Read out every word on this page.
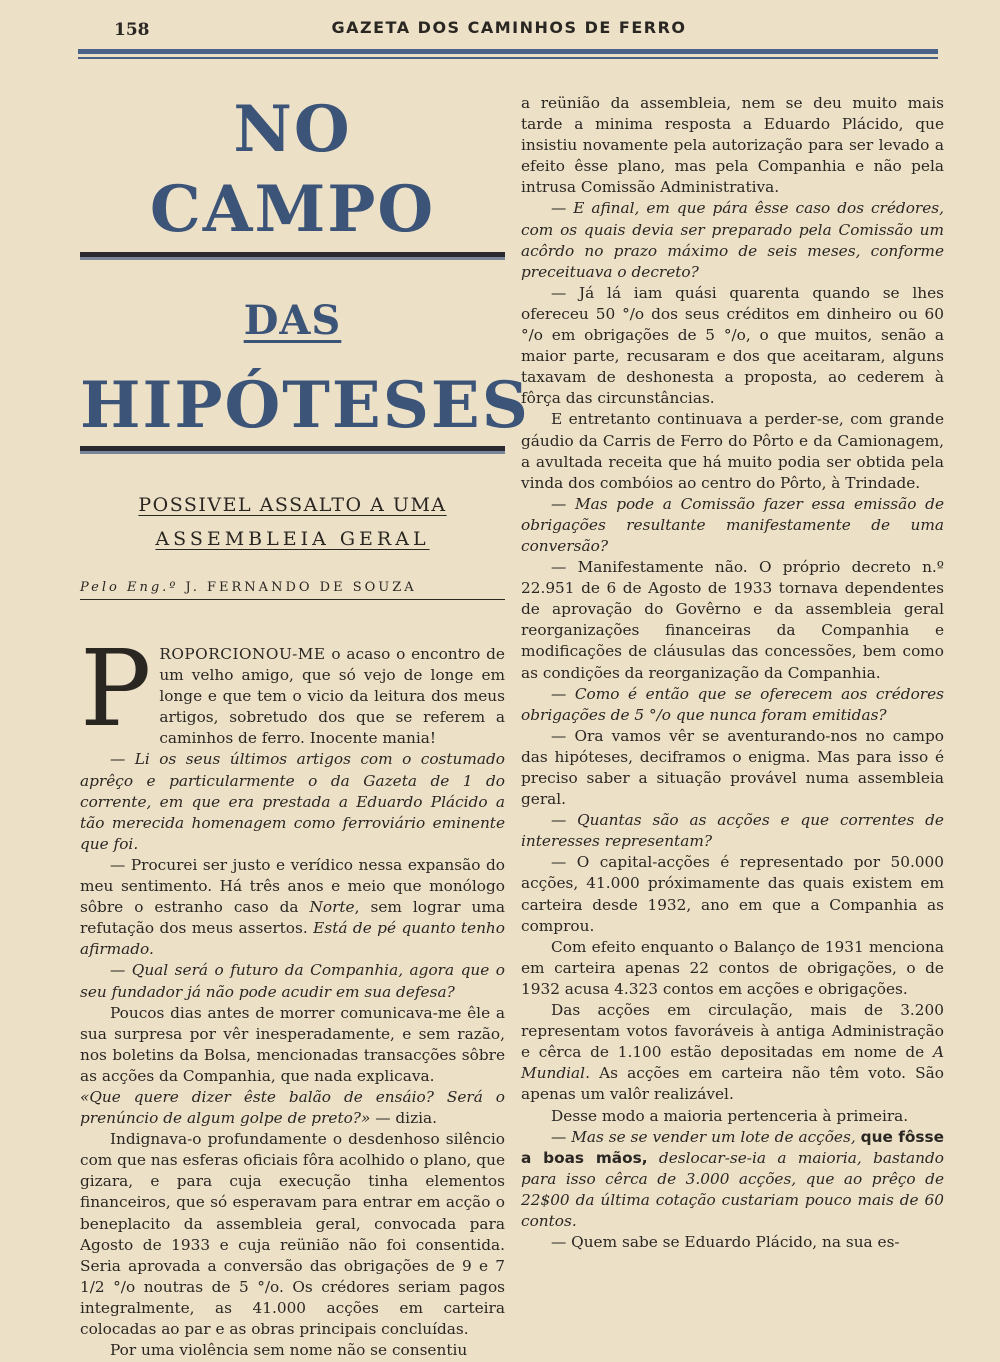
158	GAZETA DOS CAMINHOS DE FERRO
NO CAMPO
DAS
HIPÓTESES

POSSIVEL ASSALTO A UMA

ASSEMBLEIA GERAL

Pelo Eng.º J. FERNANDO DE SOUZA

PROPORCIONOU-ME o acaso o encontro de um velho amigo, que só vejo de longe em longe e que tem o vicio da leitura dos meus artigos, sobretudo dos que se referem a caminhos de ferro. Inocente mania!

— Li os seus últimos artigos com o costumado aprêço e particularmente o da Gazeta de 1 do corrente, em que era prestada a Eduardo Plácido a tão merecida homenagem como ferroviário eminente que foi.

— Procurei ser justo e verídico nessa expansão do meu sentimento. Há três anos e meio que monólogo sôbre o estranho caso da Norte, sem lograr uma refutação dos meus assertos. Está de pé quanto tenho afirmado.

— Qual será o futuro da Companhia, agora que o seu fundador já não pode acudir em sua defesa?

Poucos dias antes de morrer comunicava-me êle a sua surpresa por vêr inesperadamente, e sem razão, nos boletins da Bolsa, mencionadas transacções sôbre as acções da Companhia, que nada explicava.

«Que quere dizer êste balão de ensáio? Será o prenúncio de algum golpe de preto?» — dizia.

Indignava-o profundamente o desdenhoso silêncio com que nas esferas oficiais fôra acolhido o plano, que gizara, e para cuja execução tinha elementos financeiros, que só esperavam para entrar em acção o beneplacito da assembleia geral, convocada para Agosto de 1933 e cuja reünião não foi consentida. Seria aprovada a conversão das obrigações de 9 e 7 1/2 °/o noutras de 5 °/o. Os crédores seriam pagos integralmente, as 41.000 acções em carteira colocadas ao par e as obras principais concluídas.

Por uma violência sem nome não se consentiu

a reünião da assembleia, nem se deu muito mais tarde a minima resposta a Eduardo Plácido, que insistiu novamente pela autorização para ser levado a efeito êsse plano, mas pela Companhia e não pela intrusa Comissão Administrativa.

— E afinal, em que pára êsse caso dos crédores, com os quais devia ser preparado pela Comissão um acôrdo no prazo máximo de seis meses, conforme preceituava o decreto?

— Já lá iam quási quarenta quando se lhes ofereceu 50 °/o dos seus créditos em dinheiro ou 60 °/o em obrigações de 5 °/o, o que muitos, senão a maior parte, recusaram e dos que aceitaram, alguns taxavam de deshonesta a proposta, ao cederem à fôrça das circunstâncias.

E entretanto continuava a perder-se, com grande gáudio da Carris de Ferro do Pôrto e da Camionagem, a avultada receita que há muito podia ser obtida pela vinda dos combóios ao centro do Pôrto, à Trindade.

— Mas pode a Comissão fazer essa emissão de obrigações resultante manifestamente de uma conversão?

— Manifestamente não. O próprio decreto n.º 22.951 de 6 de Agosto de 1933 tornava dependentes de aprovação do Govêrno e da assembleia geral reorganizações financeiras da Companhia e modificações de cláusulas das concessões, bem como as condições da reorganização da Companhia.

— Como é então que se oferecem aos crédores obrigações de 5 °/o que nunca foram emitidas?

— Ora vamos vêr se aventurando-nos no campo das hipóteses, deciframos o enigma. Mas para isso é preciso saber a situação provável numa assembleia geral.

— Quantas são as acções e que correntes de interesses representam?

— O capital-acções é representado por 50.000 acções, 41.000 próximamente das quais existem em carteira desde 1932, ano em que a Companhia as comprou.

Com efeito enquanto o Balanço de 1931 menciona em carteira apenas 22 contos de obrigações, o de 1932 acusa 4.323 contos em acções e obrigações.

Das acções em circulação, mais de 3.200 representam votos favoráveis à antiga Administração e cêrca de 1.100 estão depositadas em nome de A Mundial. As acções em carteira não têm voto. São apenas um valôr realizável.

Desse modo a maioria pertenceria à primeira.

— Mas se se vender um lote de acções, que fôsse a boas mãos, deslocar-se-ia a maioria, bastando para isso cêrca de 3.000 acções, que ao prêço de 22$00 da última cotação custariam pouco mais de 60 contos.

— Quem sabe se Eduardo Plácido, na sua es-
